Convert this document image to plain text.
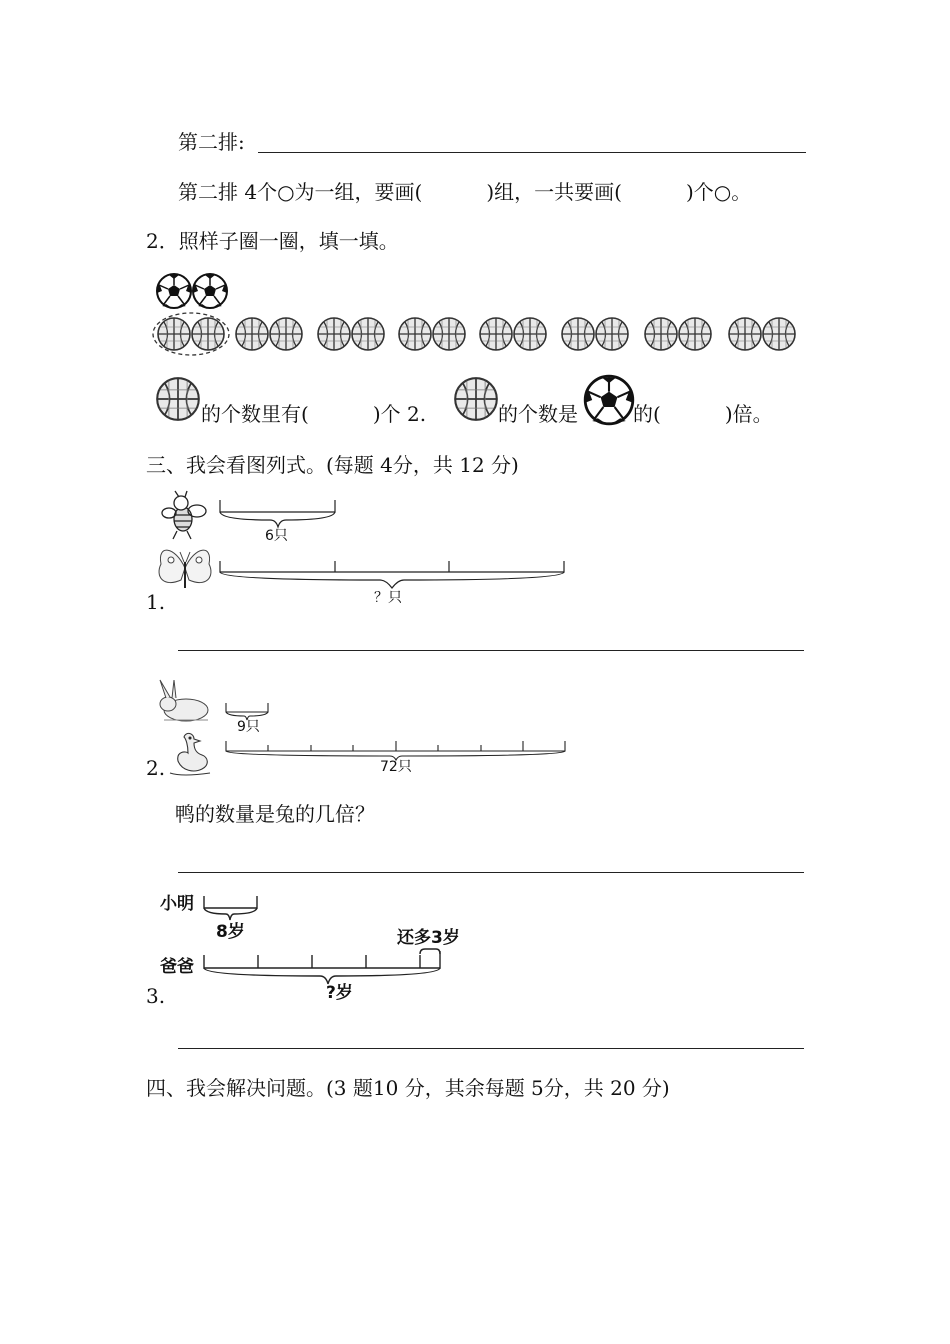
第二排:
第二排 4个○为一组，要画(	)组，一共要画(	)个○。
2．照样子圈一圈，填一填。
的个数里有(	)个 2.	的个数是	的(	)倍。
三、我会看图列式。(每题 4分，共 12 分)
6只
？只
1.
9只
72只
2.
鸭的数量是兔的几倍？
小明
爸爸
8岁	还多3岁
?岁
3.
四、我会解决问题。(3 题10 分，其余每题 5分，共 20 分)
